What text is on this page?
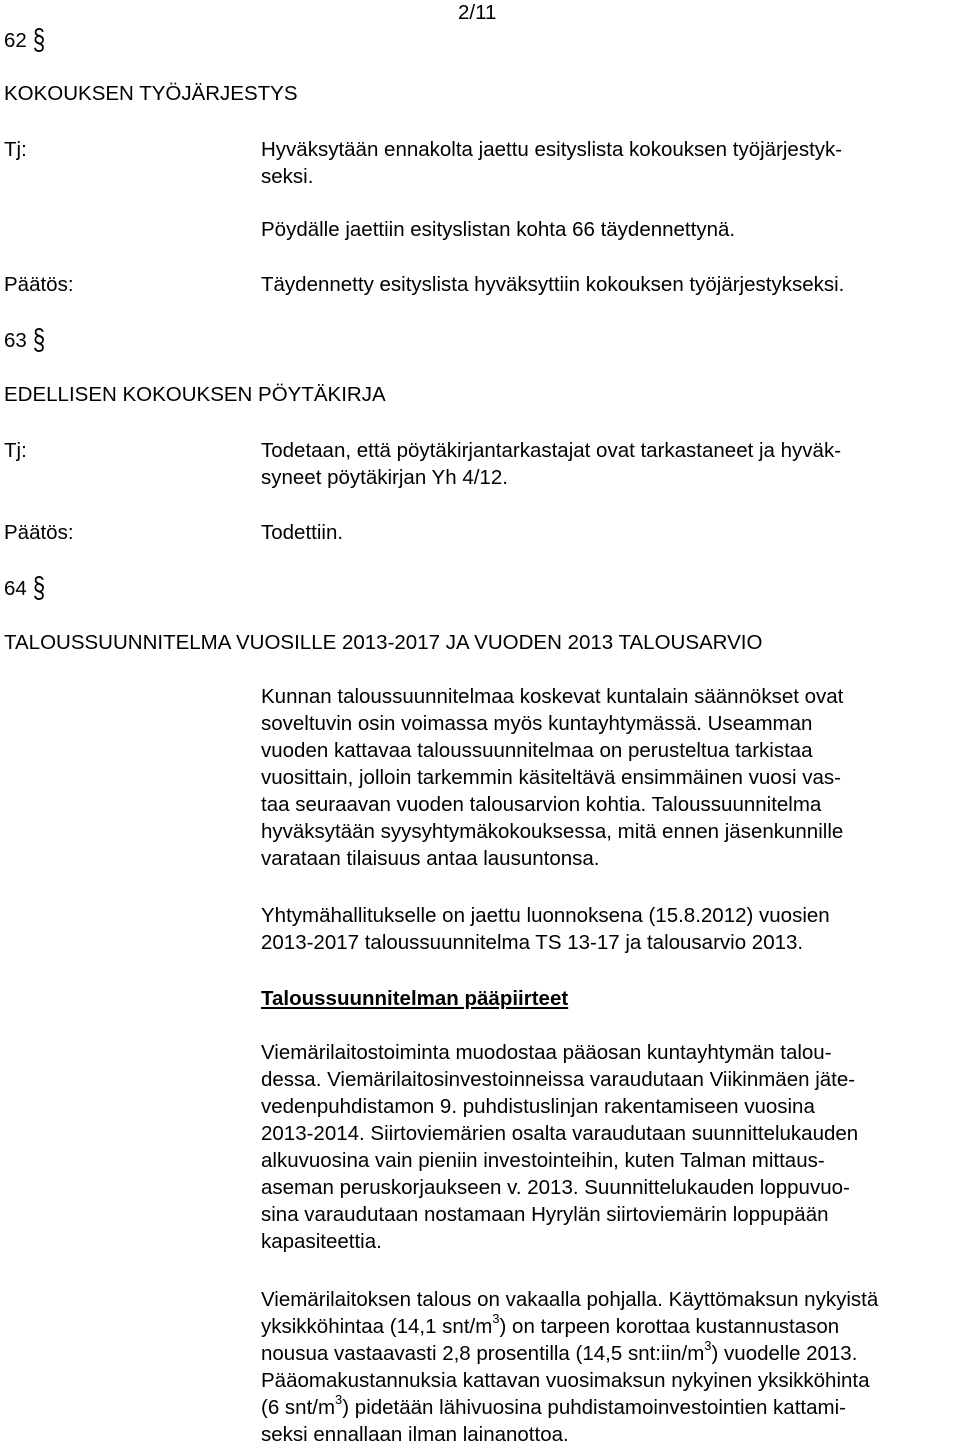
2/11
62 §
KOKOUKSEN TYÖJÄRJESTYS
Tj:	Hyväksytään ennakolta jaettu esityslista kokouksen työjärjestyk-
seksi.
Pöydälle jaettiin esityslistan kohta 66 täydennettynä.
Päätös:	Täydennetty esityslista hyväksyttiin kokouksen työjärjestykseksi.
63 §
EDELLISEN KOKOUKSEN PÖYTÄKIRJA
Tj:	Todetaan, että pöytäkirjantarkastajat ovat tarkastaneet ja hyväk-
syneet pöytäkirjan Yh 4/12.
Päätös:	Todettiin.
64 §
TALOUSSUUNNITELMA VUOSILLE 2013-2017 JA VUODEN 2013 TALOUSARVIO
Kunnan taloussuunnitelmaa koskevat kuntalain säännökset ovat
soveltuvin osin voimassa myös kuntayhtymässä. Useamman
vuoden kattavaa taloussuunnitelmaa on perusteltua tarkistaa
vuosittain, jolloin tarkemmin käsiteltävä ensimmäinen vuosi vas-
taa seuraavan vuoden talousarvion kohtia. Taloussuunnitelma
hyväksytään syysyhtymäkokouksessa, mitä ennen jäsenkunnille
varataan tilaisuus antaa lausuntonsa.
Yhtymähallitukselle on jaettu luonnoksena (15.8.2012) vuosien
2013-2017 taloussuunnitelma TS 13-17 ja talousarvio 2013.
Taloussuunnitelman pääpiirteet
Viemärilaitostoiminta muodostaa pääosan kuntayhtymän talou-
dessa. Viemärilaitosinvestoinneissa varaudutaan Viikinmäen jäte-
vedenpuhdistamon 9. puhdistuslinjan rakentamiseen vuosina
2013-2014. Siirtoviemärien osalta varaudutaan suunnittelukauden
alkuvuosina vain pieniin investointeihin, kuten Talman mittaus-
aseman peruskorjaukseen v. 2013. Suunnittelukauden loppuvuo-
sina varaudutaan nostamaan Hyrylän siirtoviemärin loppupään
kapasiteettia.
Viemärilaitoksen talous on vakaalla pohjalla. Käyttömaksun nykyistä
yksikköhintaa (14,1 snt/$m^3$) on tarpeen korottaa kustannustason
nousua vastaavasti 2,8 prosentilla (14,5 $snt:iin/m^3$) vuodelle 2013.
Pääomakustannuksia kattavan vuosimaksun nykyinen yksikköhinta
(6 snt/$m^3$) pidetään lähivuosina puhdistamoinvestointien kattami-
seksi ennallaan ilman lainanottoa.
